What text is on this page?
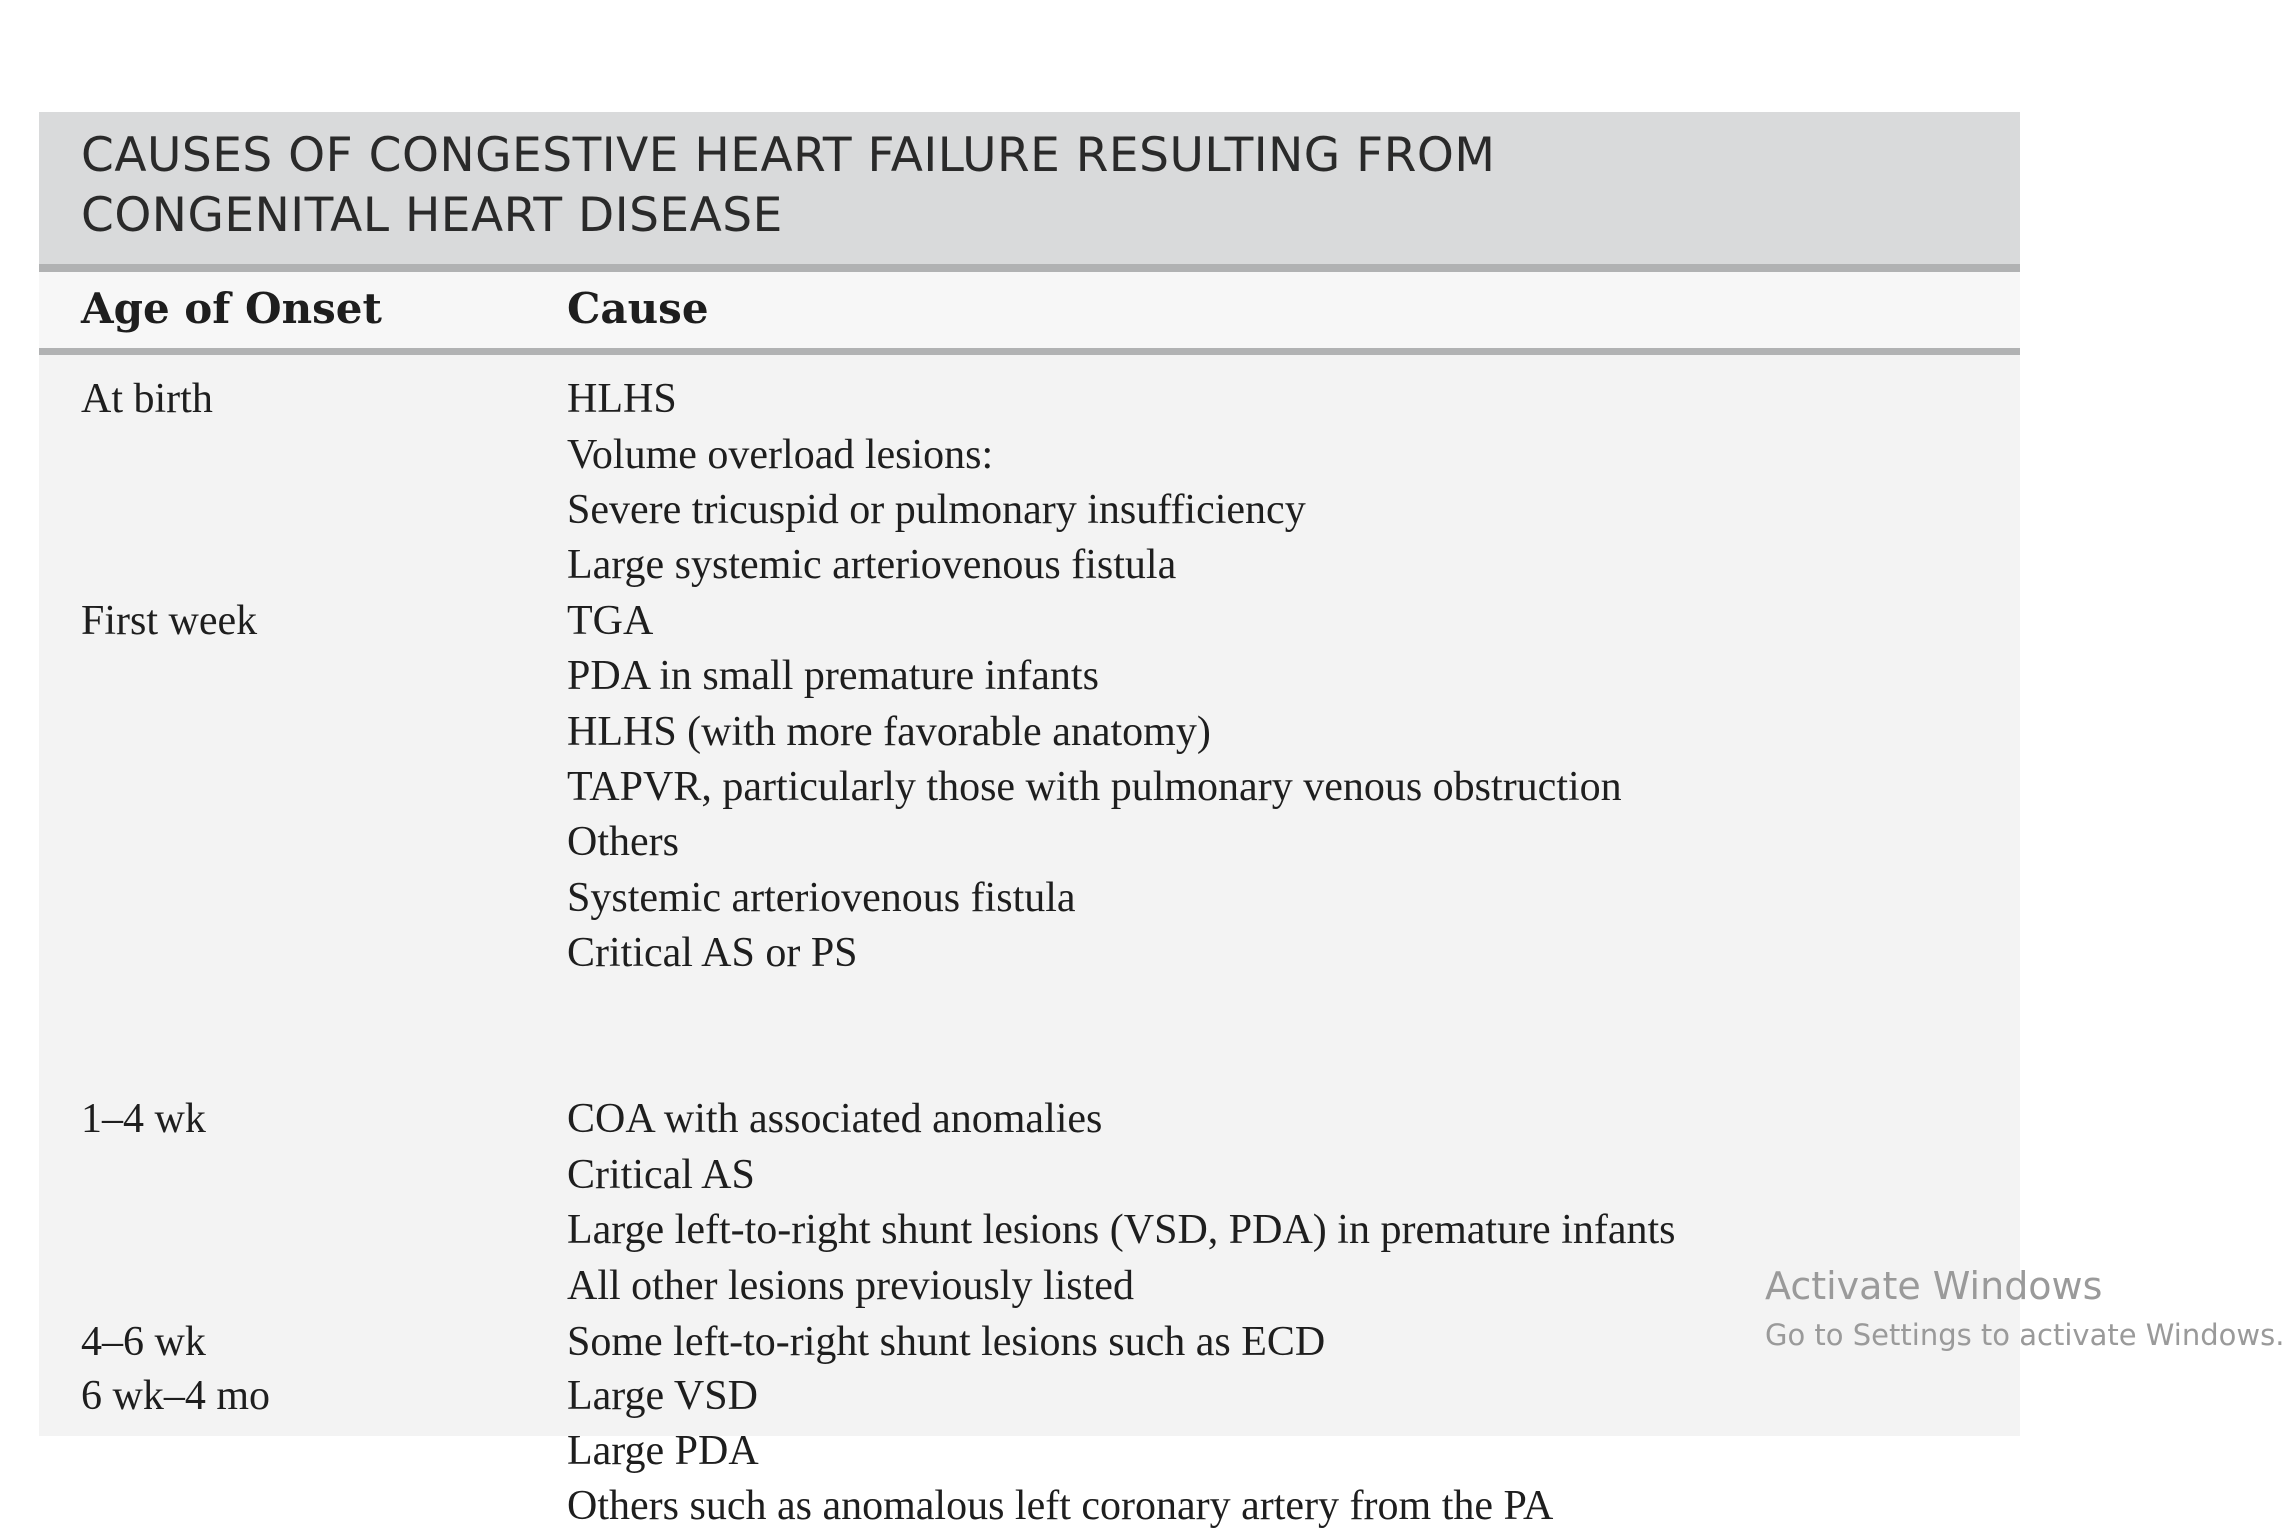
CAUSES OF CONGESTIVE HEART FAILURE RESULTING FROM
CONGENITAL HEART DISEASE
Age of Onset	Cause
At birth
First week
1–4 wk
4–6 wk
6 wk–4 mo
HLHS
Volume overload lesions:
Severe tricuspid or pulmonary insufficiency
Large systemic arteriovenous fistula
TGA
PDA in small premature infants
HLHS (with more favorable anatomy)
TAPVR, particularly those with pulmonary venous obstruction
Others
Systemic arteriovenous fistula
Critical AS or PS
COA with associated anomalies
Critical AS
Large left-to-right shunt lesions (VSD, PDA) in premature infants
All other lesions previously listed
Some left-to-right shunt lesions such as ECD
Large VSD
Large PDA
Others such as anomalous left coronary artery from the PA
Activate Windows
Go to Settings to activate Windows.
